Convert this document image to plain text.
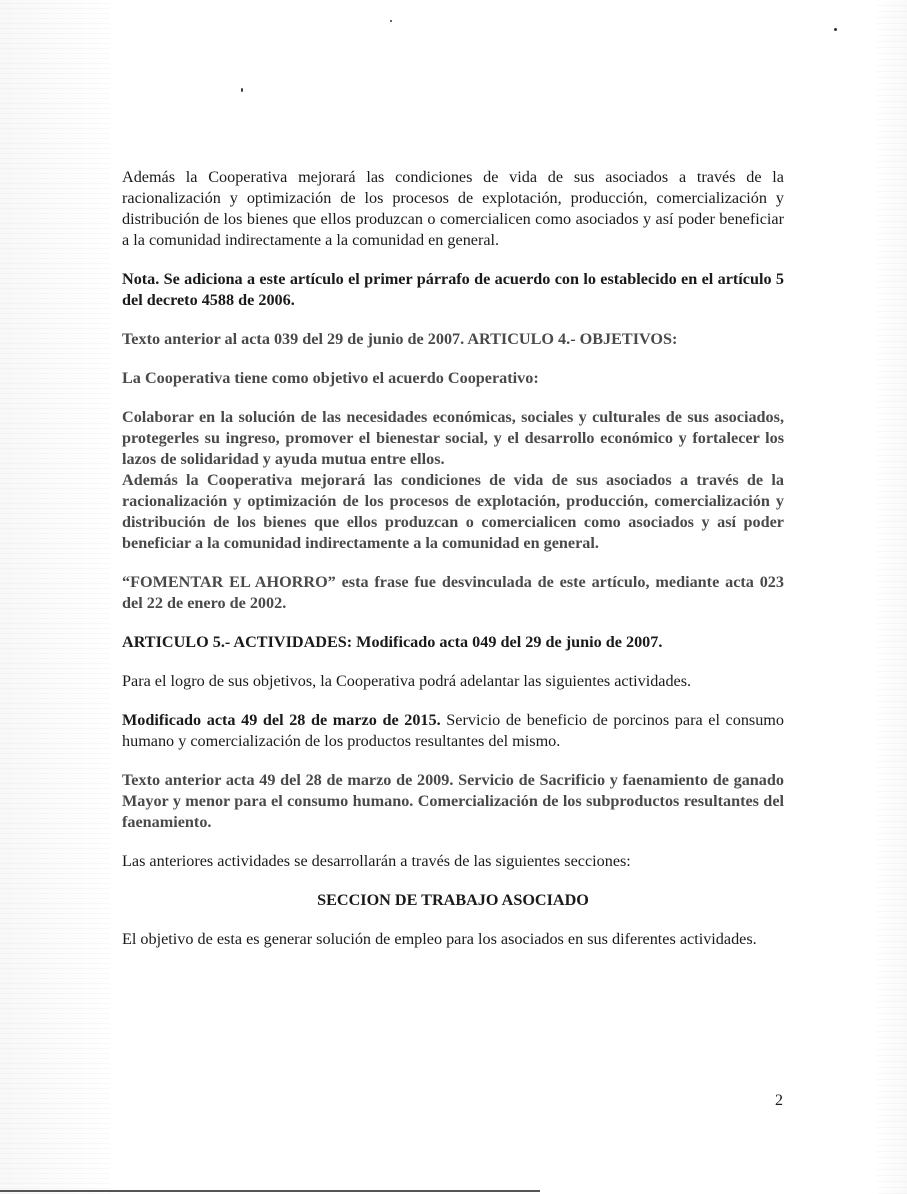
Además la Cooperativa mejorará las condiciones de vida de sus asociados a través de la racionalización y optimización de los procesos de explotación, producción, comercialización y distribución de los bienes que ellos produzcan o comercialicen como asociados y así poder beneficiar a la comunidad indirectamente a la comunidad en general.

Nota. Se adiciona a este artículo el primer párrafo de acuerdo con lo establecido en el artículo 5 del decreto 4588 de 2006.

Texto anterior al acta 039 del 29 de junio de 2007. ARTICULO 4.- OBJETIVOS:

La Cooperativa tiene como objetivo el acuerdo Cooperativo:

Colaborar en la solución de las necesidades económicas, sociales y culturales de sus asociados, protegerles su ingreso, promover el bienestar social, y el desarrollo económico y fortalecer los lazos de solidaridad y ayuda mutua entre ellos.

Además la Cooperativa mejorará las condiciones de vida de sus asociados a través de la racionalización y optimización de los procesos de explotación, producción, comercialización y distribución de los bienes que ellos produzcan o comercialicen como asociados y así poder beneficiar a la comunidad indirectamente a la comunidad en general.

“FOMENTAR EL AHORRO” esta frase fue desvinculada de este artículo, mediante acta 023 del 22 de enero de 2002.

ARTICULO 5.- ACTIVIDADES: Modificado acta 049 del 29 de junio de 2007.

Para el logro de sus objetivos, la Cooperativa podrá adelantar las siguientes actividades.

Modificado acta 49 del 28 de marzo de 2015. Servicio de beneficio de porcinos para el consumo humano y comercialización de los productos resultantes del mismo.

Texto anterior acta 49 del 28 de marzo de 2009. Servicio de Sacrificio y faenamiento de ganado Mayor y menor para el consumo humano. Comercialización de los subproductos resultantes del faenamiento.

Las anteriores actividades se desarrollarán a través de las siguientes secciones:

SECCION DE TRABAJO ASOCIADO

El objetivo de esta es generar solución de empleo para los asociados en sus diferentes actividades.

2
